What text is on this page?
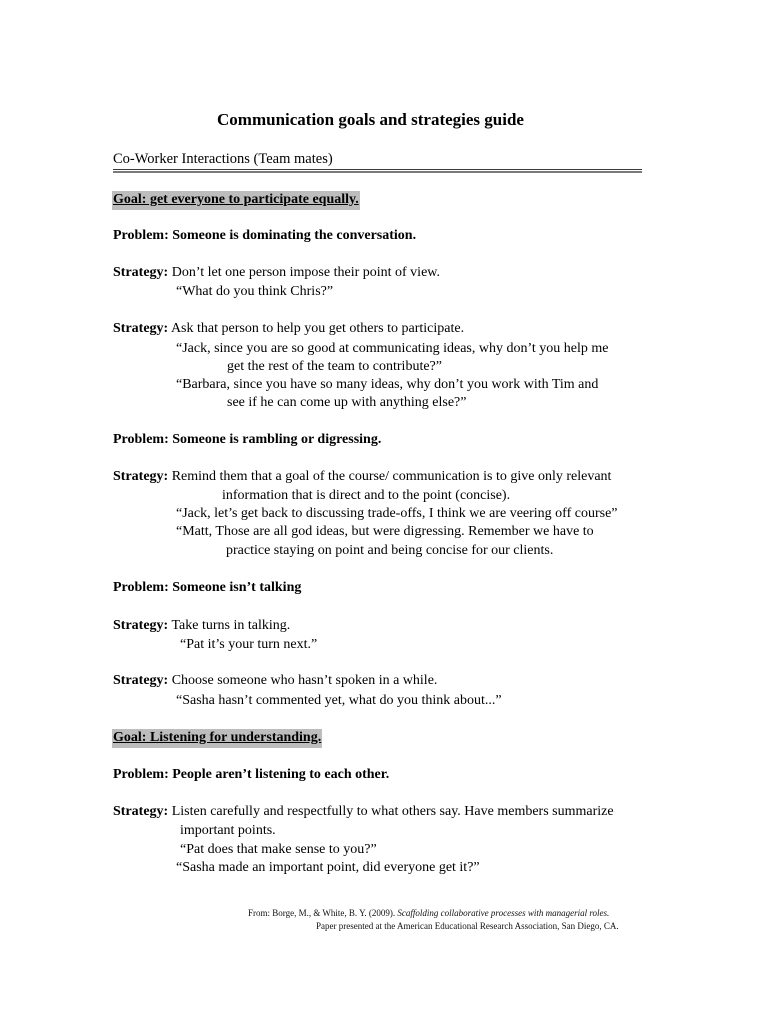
Communication goals and strategies guide
Co-Worker Interactions (Team mates)
Goal: get everyone to participate equally.
Problem: Someone is dominating the conversation.
Strategy: Don’t let one person impose their point of view.
“What do you think Chris?”
Strategy: Ask that person to help you get others to participate.
“Jack, since you are so good at communicating ideas, why don’t you help me
get the rest of the team to contribute?”
“Barbara, since you have so many ideas, why don’t you work with Tim and
see if he can come up with anything else?”
Problem: Someone is rambling or digressing.
Strategy: Remind them that a goal of the course/ communication is to give only relevant
information that is direct and to the point (concise).
“Jack, let’s get back to discussing trade-offs, I think we are veering off course”
“Matt, Those are all god ideas, but were digressing. Remember we have to
practice staying on point and being concise for our clients.
Problem: Someone isn’t talking
Strategy: Take turns in talking.
“Pat it’s your turn next.”
Strategy: Choose someone who hasn’t spoken in a while.
“Sasha hasn’t commented yet, what do you think about...”
Goal: Listening for understanding.
Problem: People aren’t listening to each other.
Strategy: Listen carefully and respectfully to what others say. Have members summarize
important points.
“Pat does that make sense to you?”
“Sasha made an important point, did everyone get it?”
From: Borge, M., & White, B. Y. (2009). Scaffolding collaborative processes with managerial roles.
Paper presented at the American Educational Research Association, San Diego, CA.
